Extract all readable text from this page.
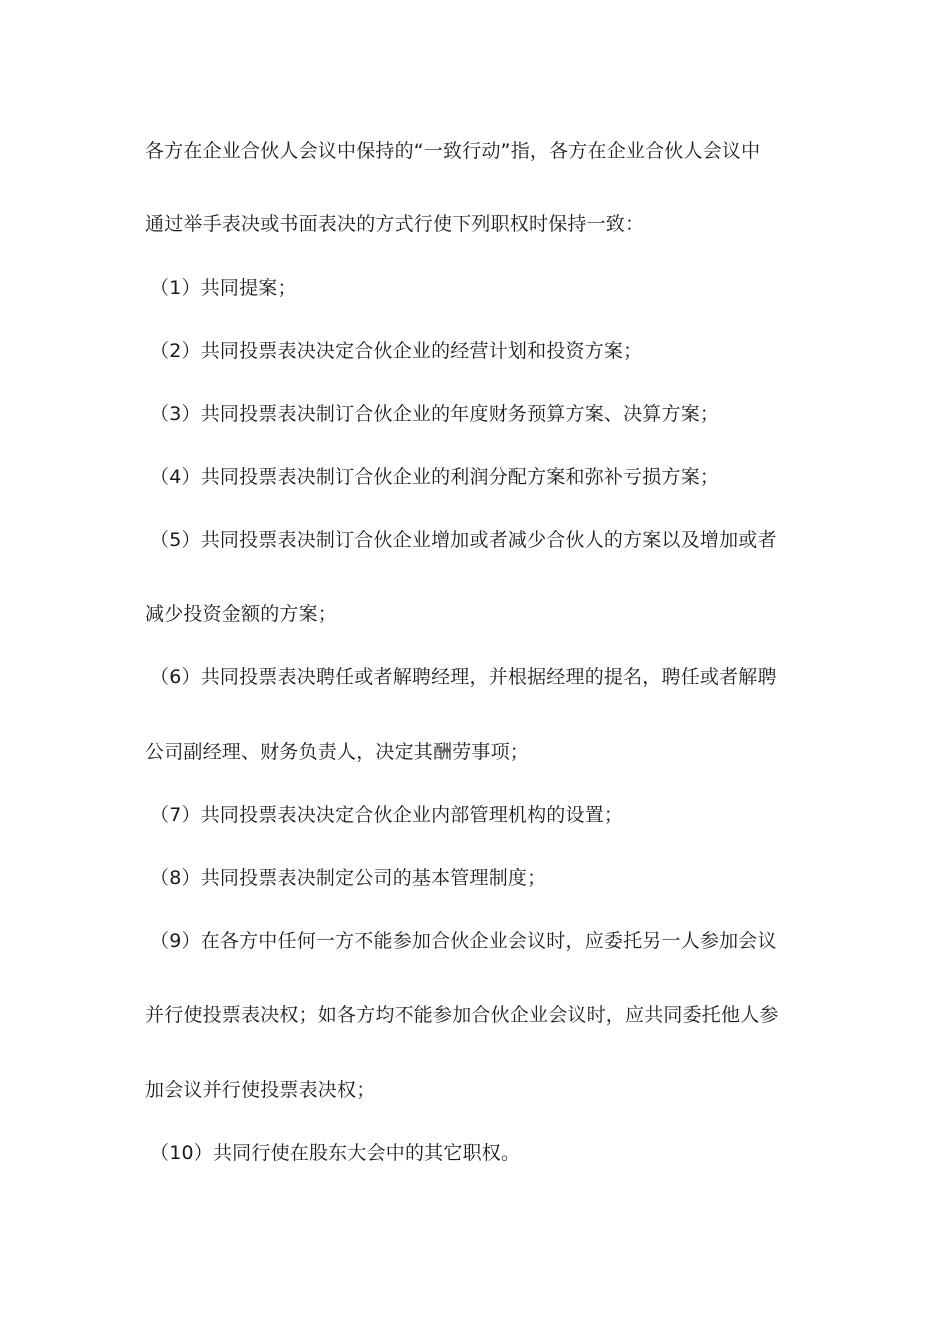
各方在企业合伙人会议中保持的“一致行动”指，各方在企业合伙人会议中
通过举手表决或书面表决的方式行使下列职权时保持一致：
（1）共同提案；
（2）共同投票表决决定合伙企业的经营计划和投资方案；
（3）共同投票表决制订合伙企业的年度财务预算方案、决算方案；
（4）共同投票表决制订合伙企业的利润分配方案和弥补亏损方案；
（5）共同投票表决制订合伙企业增加或者减少合伙人的方案以及增加或者
减少投资金额的方案；
（6）共同投票表决聘任或者解聘经理，并根据经理的提名，聘任或者解聘
公司副经理、财务负责人，决定其酬劳事项；
（7）共同投票表决决定合伙企业内部管理机构的设置；
（8）共同投票表决制定公司的基本管理制度；
（9）在各方中任何一方不能参加合伙企业会议时，应委托另一人参加会议
并行使投票表决权；如各方均不能参加合伙企业会议时，应共同委托他人参
加会议并行使投票表决权；
（10）共同行使在股东大会中的其它职权。
